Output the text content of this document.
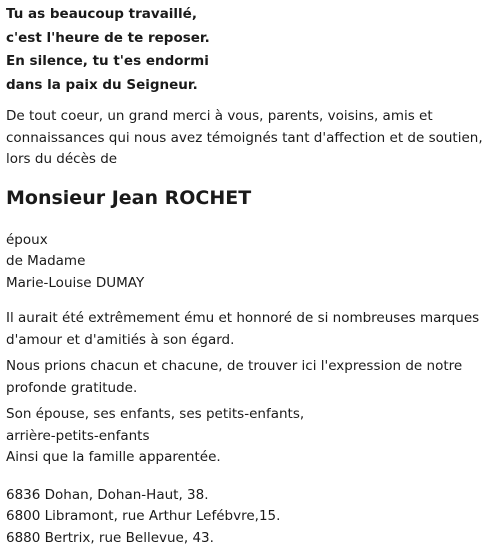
Tu as beaucoup travaillé,
c'est l'heure de te reposer.
En silence, tu t'es endormi
dans la paix du Seigneur.
De tout coeur, un grand merci à vous, parents, voisins, amis et
connaissances qui nous avez témoignés tant d'affection et de soutien,
lors du décès de
Monsieur Jean ROCHET
époux
de Madame
Marie-Louise DUMAY
Il aurait été extrêmement ému et honnoré de si nombreuses marques
d'amour et d'amitiés à son égard.
Nous prions chacun et chacune, de trouver ici l'expression de notre
profonde gratitude.
Son épouse, ses enfants, ses petits-enfants,
arrière-petits-enfants
Ainsi que la famille apparentée.
6836 Dohan, Dohan-Haut, 38.
6800 Libramont, rue Arthur Lefébvre,15.
6880 Bertrix, rue Bellevue, 43.
